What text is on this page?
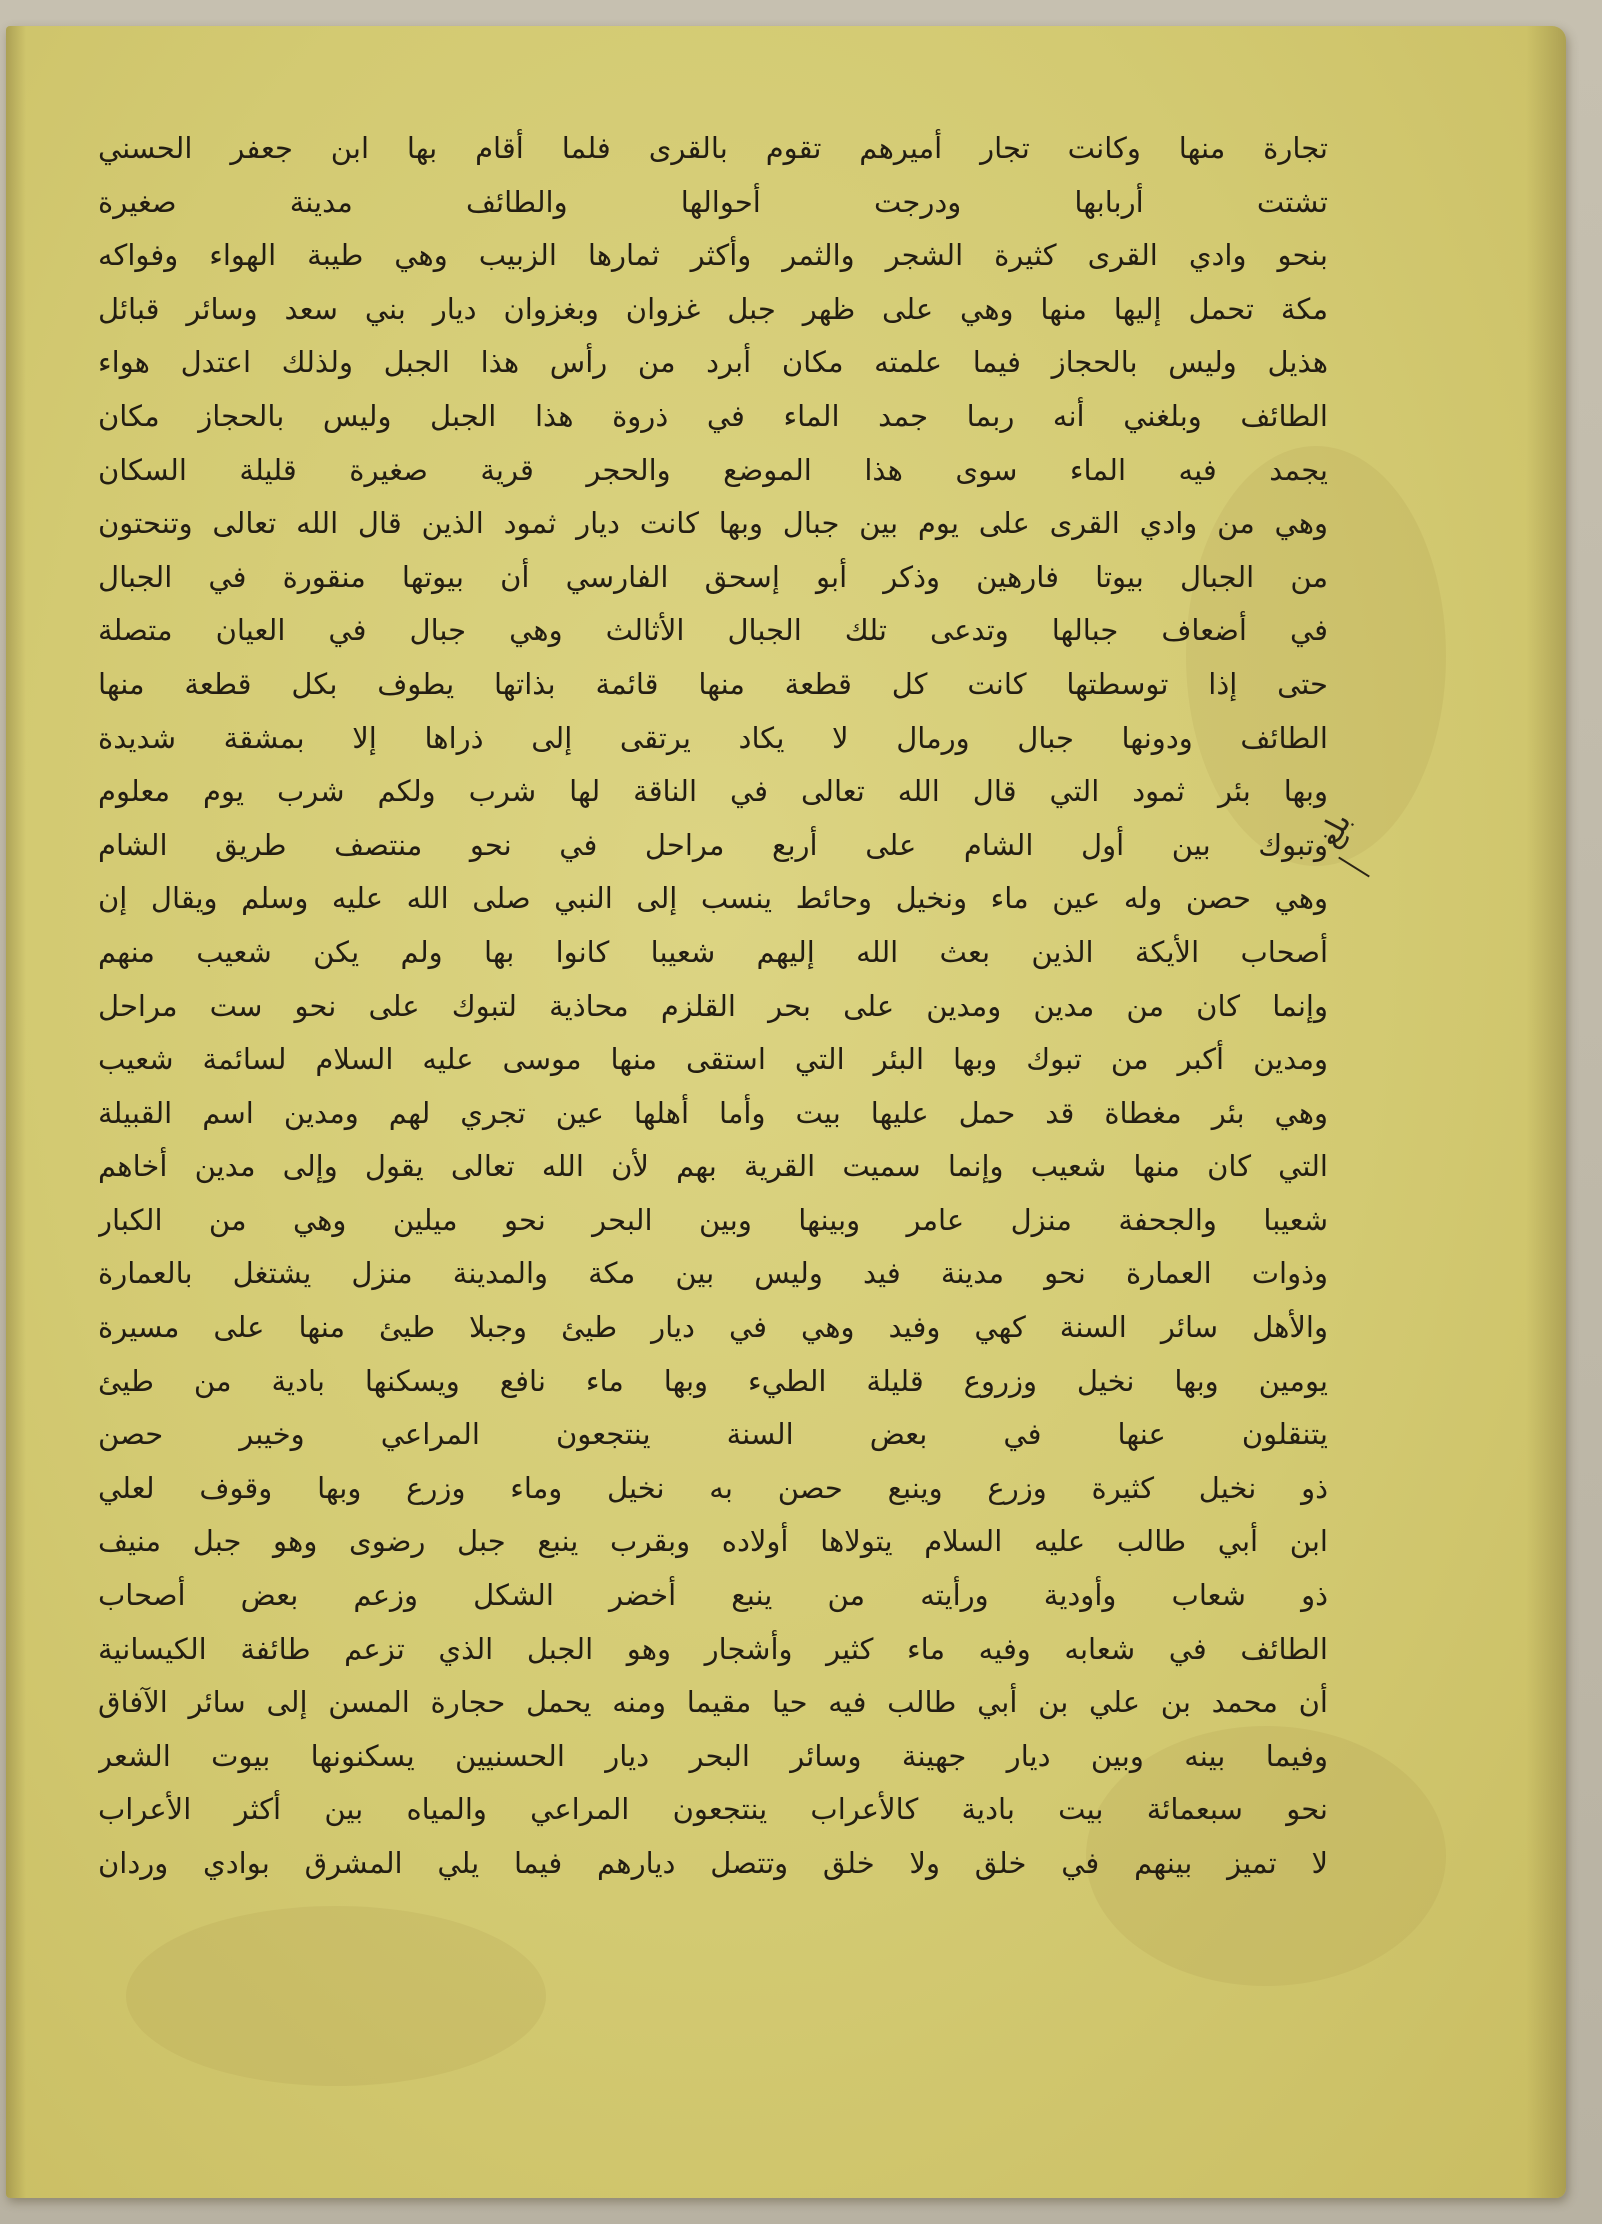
تجارة منها وكانت تجار أميرهم تقوم بالقرى فلما أقام بها ابن جعفر الحسني
تشتت أربابها ودرجت أحوالها والطائف مدينة صغيرة
بنحو وادي القرى كثيرة الشجر والثمر وأكثر ثمارها الزبيب وهي طيبة الهواء وفواكه
مكة تحمل إليها منها وهي على ظهر جبل غزوان وبغزوان ديار بني سعد وسائر قبائل
هذيل وليس بالحجاز فيما علمته مكان أبرد من رأس هذا الجبل ولذلك اعتدل هواء
الطائف وبلغني أنه ربما جمد الماء في ذروة هذا الجبل وليس بالحجاز مكان
يجمد فيه الماء سوى هذا الموضع والحجر قرية صغيرة قليلة السكان
وهي من وادي القرى على يوم بين جبال وبها كانت ديار ثمود الذين قال الله تعالى وتنحتون
من الجبال بيوتا فارهين وذكر أبو إسحق الفارسي أن بيوتها منقورة في الجبال
في أضعاف جبالها وتدعى تلك الجبال الأثالث وهي جبال في العيان متصلة
حتى إذا توسطتها كانت كل قطعة منها قائمة بذاتها يطوف بكل قطعة منها
الطائف ودونها جبال ورمال لا يكاد يرتقى إلى ذراها إلا بمشقة شديدة
وبها بئر ثمود التي قال الله تعالى في الناقة لها شرب ولكم شرب يوم معلوم
وتبوك بين أول الشام على أربع مراحل في نحو منتصف طريق الشام
وهي حصن وله عين ماء ونخيل وحائط ينسب إلى النبي صلى الله عليه وسلم ويقال إن
أصحاب الأيكة الذين بعث الله إليهم شعيبا كانوا بها ولم يكن شعيب منهم
وإنما كان من مدين ومدين على بحر القلزم محاذية لتبوك على نحو ست مراحل
ومدين أكبر من تبوك وبها البئر التي استقى منها موسى عليه السلام لسائمة شعيب
وهي بئر مغطاة قد حمل عليها بيت وأما أهلها عين تجري لهم ومدين اسم القبيلة
التي كان منها شعيب وإنما سميت القرية بهم لأن الله تعالى يقول وإلى مدين أخاهم
شعيبا والجحفة منزل عامر وبينها وبين البحر نحو ميلين وهي من الكبار
وذوات العمارة نحو مدينة فيد وليس بين مكة والمدينة منزل يشتغل بالعمارة
والأهل سائر السنة كهي وفيد وهي في ديار طيئ وجبلا طيئ منها على مسيرة
يومين وبها نخيل وزروع قليلة الطيء وبها ماء نافع ويسكنها بادية من طيئ
يتنقلون عنها في بعض السنة ينتجعون المراعي وخيبر حصن
ذو نخيل كثيرة وزرع وينبع حصن به نخيل وماء وزرع وبها وقوف لعلي
ابن أبي طالب عليه السلام يتولاها أولاده وبقرب ينبع جبل رضوى وهو جبل منيف
ذو شعاب وأودية ورأيته من ينبع أخضر الشكل وزعم بعض أصحاب
الطائف في شعابه وفيه ماء كثير وأشجار وهو الجبل الذي تزعم طائفة الكيسانية
أن محمد بن علي بن أبي طالب فيه حيا مقيما ومنه يحمل حجارة المسن إلى سائر الآفاق
وفيما بينه وبين ديار جهينة وسائر البحر ديار الحسنيين يسكنونها بيوت الشعر
نحو سبعمائة بيت بادية كالأعراب ينتجعون المراعي والمياه بين أكثر الأعراب
لا تميز بينهم في خلق ولا خلق وتتصل ديارهم فيما يلي المشرق بوادي وردان
بلغ
